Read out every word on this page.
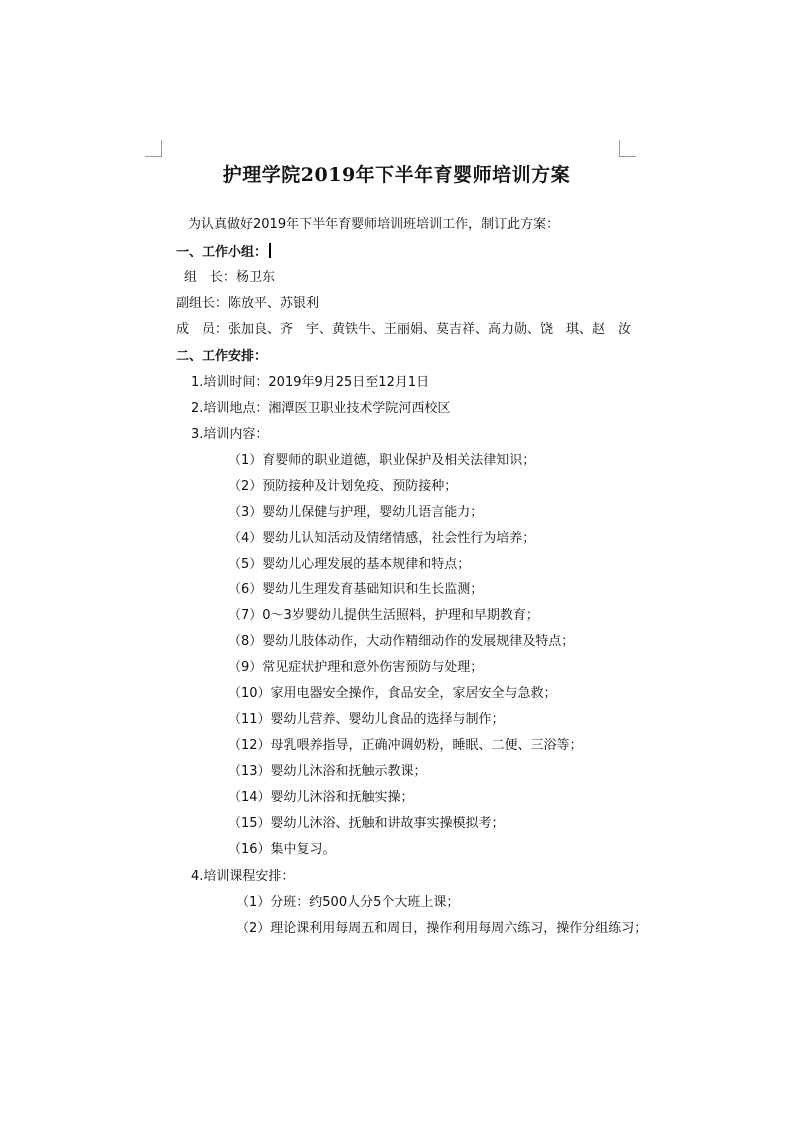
护理学院2019年下半年育婴师培训方案
为认真做好2019年下半年育婴师培训班培训工作，制订此方案：
一、工作小组：
组　长：杨卫东
副组长：陈放平、苏银利
成　员：张加良、齐　宇、黄铁牛、王丽娟、莫吉祥、高力勋、饶　琪、赵　汝
二、工作安排：
1.培训时间：2019年9月25日至12月1日
2.培训地点：湘潭医卫职业技术学院河西校区
3.培训内容：
（1）育婴师的职业道德，职业保护及相关法律知识；
（2）预防接种及计划免疫、预防接种；
（3）婴幼儿保健与护理，婴幼儿语言能力；
（4）婴幼儿认知活动及情绪情感，社会性行为培养；
（5）婴幼儿心理发展的基本规律和特点；
（6）婴幼儿生理发育基础知识和生长监测；
（7）0～3岁婴幼儿提供生活照料，护理和早期教育；
（8）婴幼儿肢体动作，大动作精细动作的发展规律及特点；
（9）常见症状护理和意外伤害预防与处理；
（10）家用电器安全操作，食品安全，家居安全与急救；
（11）婴幼儿营养、婴幼儿食品的选择与制作；
（12）母乳喂养指导，正确冲调奶粉，睡眠、二便、三浴等；
（13）婴幼儿沐浴和抚触示教课；
（14）婴幼儿沐浴和抚触实操；
（15）婴幼儿沐浴、抚触和讲故事实操模拟考；
（16）集中复习。
4.培训课程安排：
（1）分班：约500人分5个大班上课；
（2）理论课利用每周五和周日，操作利用每周六练习，操作分组练习；
